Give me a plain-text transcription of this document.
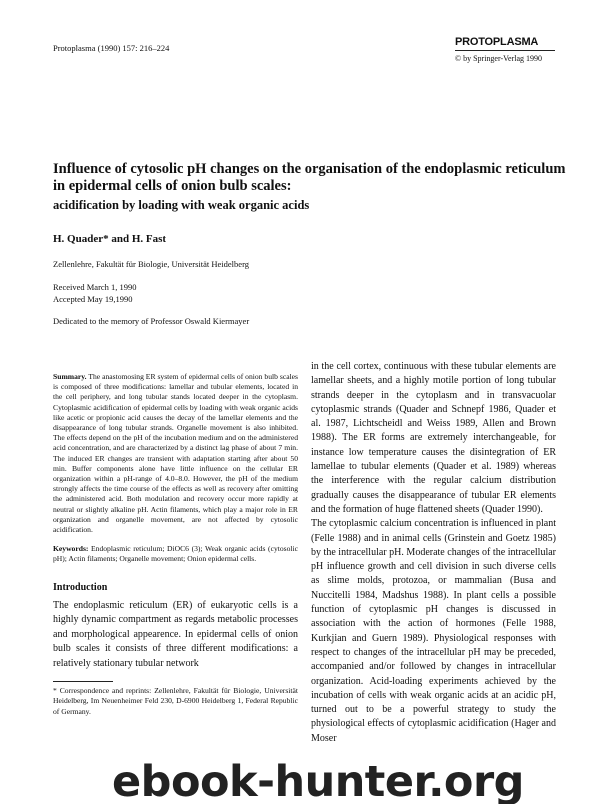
Protoplasma (1990) 157: 216–224	PROTOPLASMA
© by Springer-Verlag 1990
Influence of cytosolic pH changes on the organisation of the endoplasmic reticulum in epidermal cells of onion bulb scales:
acidification by loading with weak organic acids
H. Quader* and H. Fast
Zellenlehre, Fakultät für Biologie, Universität Heidelberg
Received March 1, 1990
Accepted May 19,1990
Dedicated to the memory of Professor Oswald Kiermayer

Summary. The anastomosing ER system of epidermal cells of onion bulb scales is composed of three modifications: lamellar and tubular elements, located in the cell periphery, and long tubular stands located deeper in the cytoplasm. Cytoplasmic acidification of epidermal cells by loading with weak organic acids like acetic or propionic acid causes the decay of the lamellar elements and the disappearance of long tubular strands. Organelle movement is also inhibited. The effects depend on the pH of the incubation medium and on the administered acid concentration, and are characterized by a distinct lag phase of about 7 min. The induced ER changes are transient with adaptation starting after about 50 min. Buffer components alone have little influence on the cellular ER organization within a pH-range of 4.0–8.0. However, the pH of the medium strongly affects the time course of the effects as well as recovery after omitting the administered acid. Both modulation and recovery occur more rapidly at neutral or slightly alkaline pH. Actin filaments, which play a major role in ER organization and organelle movement, are not affected by cytosolic acidification.

Keywords: Endoplasmic reticulum; DiOC6 (3); Weak organic acids (cytosolic pH); Actin filaments; Organelle movement; Onion epidermal cells.

Introduction

The endoplasmic reticulum (ER) of eukaryotic cells is a highly dynamic compartment as regards metabolic processes and morphological appearence. In epidermal cells of onion bulb scales it consists of three different modifications: a relatively stationary tubular network

* Correspondence and reprints: Zellenlehre, Fakultät für Biologie, Universität Heidelberg, Im Neuenheimer Feld 230, D-6900 Heidelberg 1, Federal Republic of Germany.

in the cell cortex, continuous with these tubular elements are lamellar sheets, and a highly motile portion of long tubular strands deeper in the cytoplasm and in transvacuolar cytoplasmic strands (Quader and Schnepf 1986, Quader et al. 1987, Lichtscheidl and Weiss 1989, Allen and Brown 1988). The ER forms are extremely interchangeable, for instance low temperature causes the disintegration of ER lamellae to tubular elements (Quader et al. 1989) whereas the interference with the regular calcium distribution gradually causes the disappearance of tubular ER elements and the formation of huge flattened sheets (Quader 1990).

The cytoplasmic calcium concentration is influenced in plant (Felle 1988) and in animal cells (Grinstein and Goetz 1985) by the intracellular pH. Moderate changes of the intracellular pH influence growth and cell division in such diverse cells as slime molds, protozoa, or mammalian (Busa and Nuccitelli 1984, Madshus 1988). In plant cells a possible function of cytoplasmic pH changes is discussed in association with the action of hormones (Felle 1988, Kurkjian and Guern 1989). Physiological responses with respect to changes of the intracellular pH may be preceded, accompanied and/or followed by changes in intracellular organization. Acid-loading experiments achieved by the incubation of cells with weak organic acids at an acidic pH, turned out to be a powerful strategy to study the physiological effects of cytoplasmic acidification (Hager and Moser

ebook-hunter.org
